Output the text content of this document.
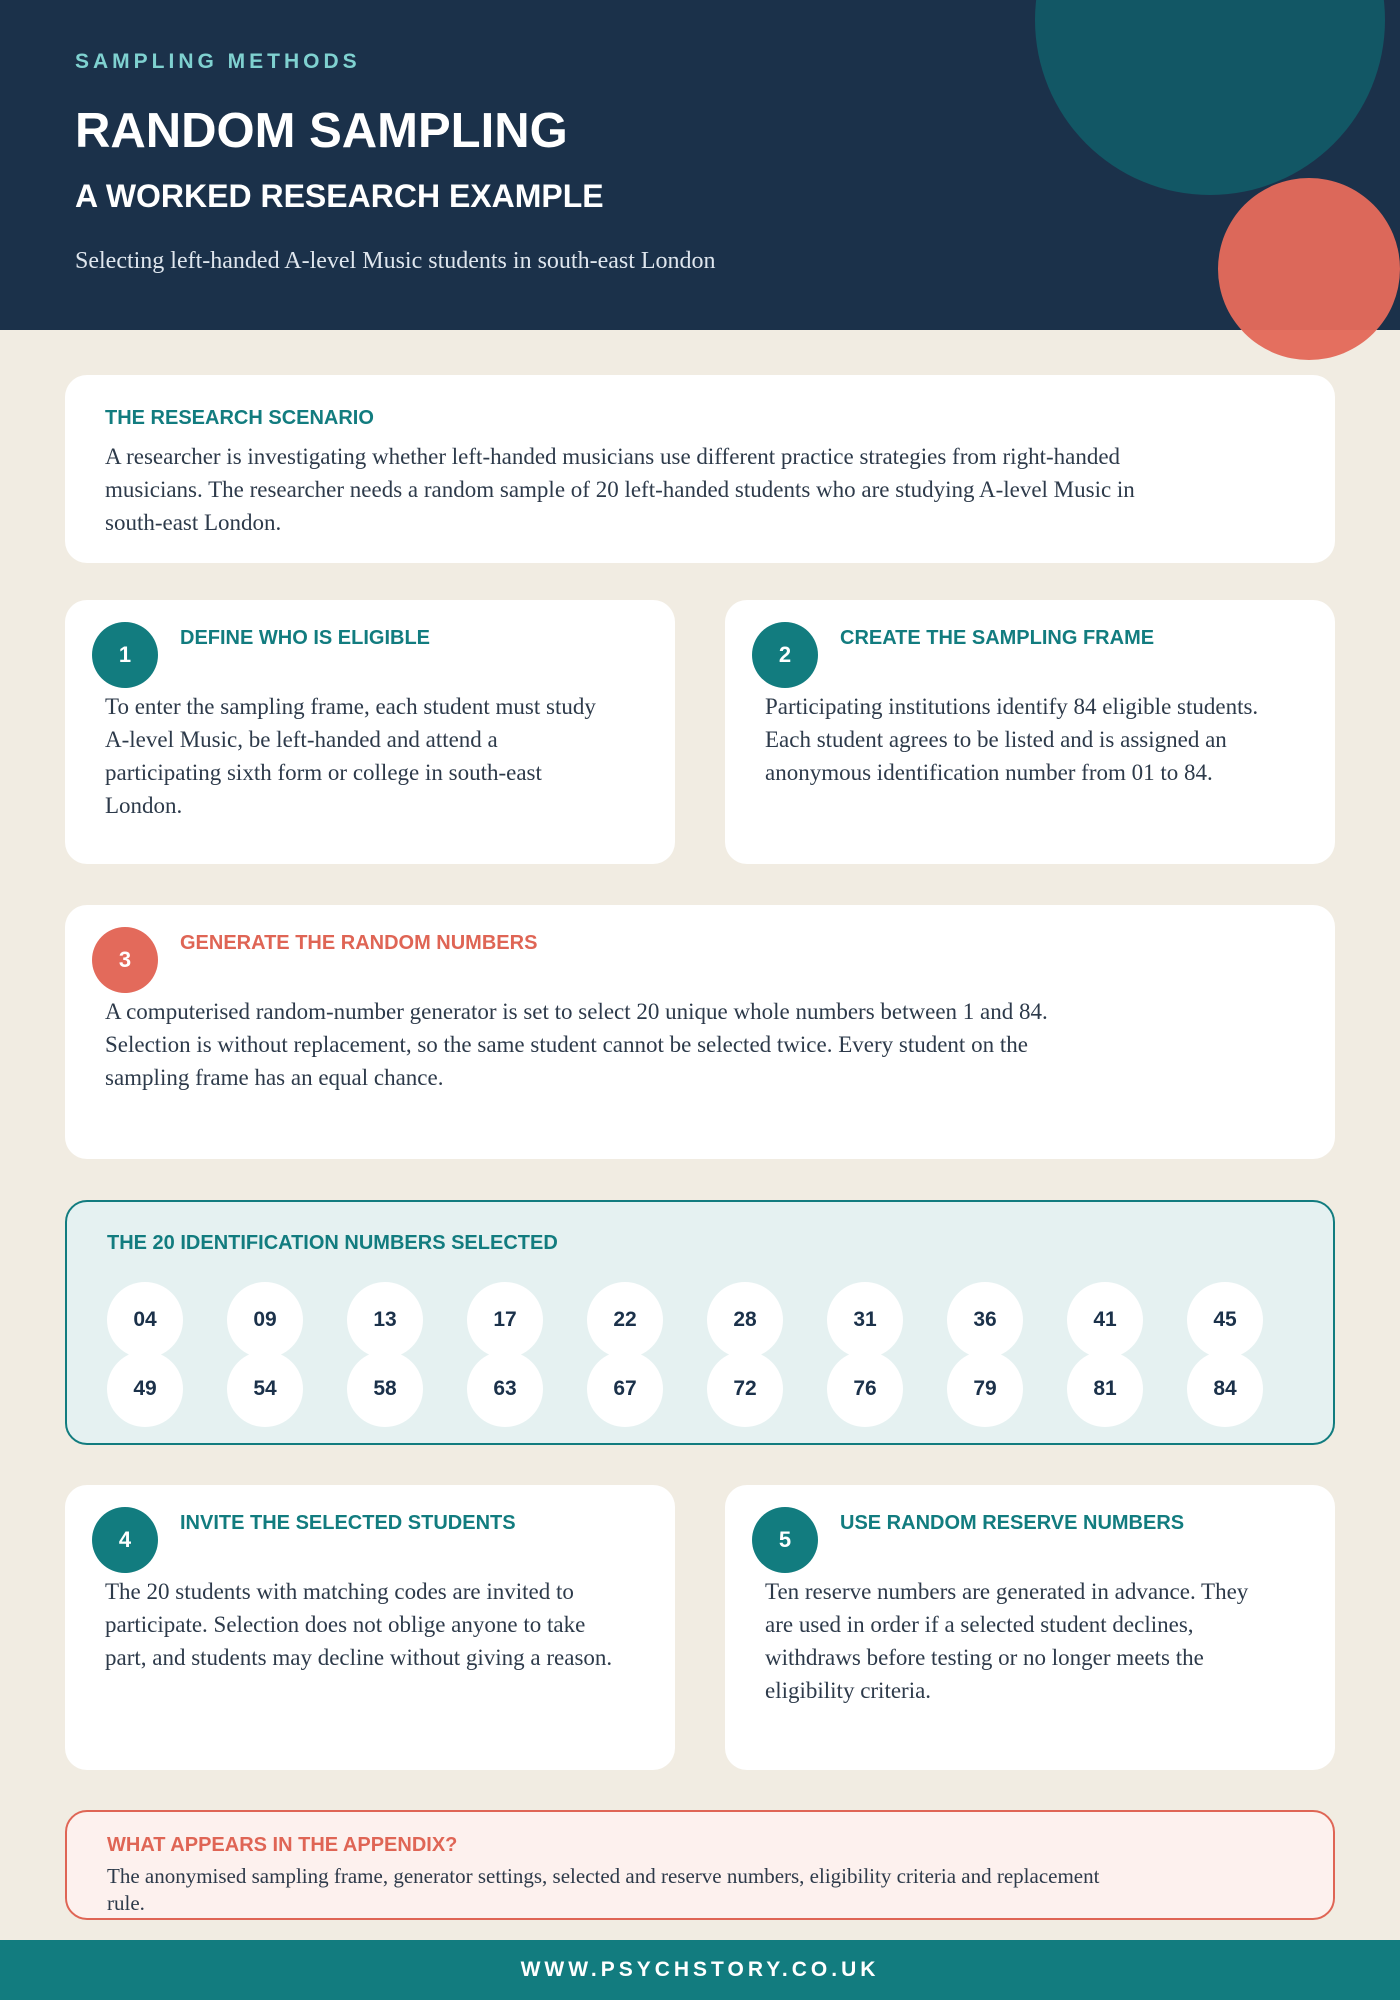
SAMPLING METHODS
RANDOM SAMPLING
A WORKED RESEARCH EXAMPLE
Selecting left-handed A-level Music students in south-east London
THE RESEARCH SCENARIO

A researcher is investigating whether left-handed musicians use different practice strategies from right-handed musicians. The researcher needs a random sample of 20 left-handed students who are studying A-level Music in south-east London.

1
DEFINE WHO IS ELIGIBLE

To enter the sampling frame, each student must study A-level Music, be left-handed and attend a participating sixth form or college in south-east London.

2
CREATE THE SAMPLING FRAME

Participating institutions identify 84 eligible students. Each student agrees to be listed and is assigned an anonymous identification number from 01 to 84.

3
GENERATE THE RANDOM NUMBERS

A computerised random-number generator is set to select 20 unique whole numbers between 1 and 84. Selection is without replacement, so the same student cannot be selected twice. Every student on the sampling frame has an equal chance.

THE 20 IDENTIFICATION NUMBERS SELECTED
04	09	13	17	22	28	31	36	41	45
49	54	58	63	67	72	76	79	81	84
4
INVITE THE SELECTED STUDENTS

The 20 students with matching codes are invited to participate. Selection does not oblige anyone to take part, and students may decline without giving a reason.

5
USE RANDOM RESERVE NUMBERS

Ten reserve numbers are generated in advance. They are used in order if a selected student declines, withdraws before testing or no longer meets the eligibility criteria.

WHAT APPEARS IN THE APPENDIX?

The anonymised sampling frame, generator settings, selected and reserve numbers, eligibility criteria and replacement rule.

WWW.PSYCHSTORY.CO.UK
